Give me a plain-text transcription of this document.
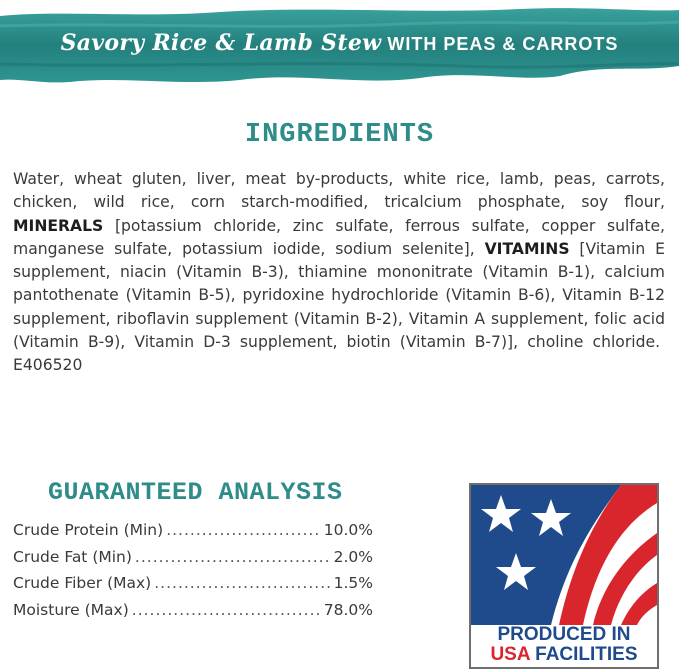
Savory Rice & Lamb Stew WITH PEAS & CARROTS
INGREDIENTS
Water, wheat gluten, liver, meat by-products, white rice, lamb, peas, carrots, chicken, wild rice, corn starch-modified, tricalcium phosphate, soy flour, MINERALS [potassium chloride, zinc sulfate, ferrous sulfate, copper sulfate, manganese sulfate, potassium iodide, sodium selenite], VITAMINS [Vitamin E supplement, niacin (Vitamin B-3), thiamine mononitrate (Vitamin B-1), calcium pantothenate (Vitamin B-5), pyridoxine hydrochloride (Vitamin B-6), Vitamin B-12 supplement, riboflavin supplement (Vitamin B-2), Vitamin A supplement, folic acid (Vitamin B-9), Vitamin D-3 supplement, biotin (Vitamin B-7)], choline chloride.  E406520
GUARANTEED ANALYSIS
Crude Protein (Min) .....	10.0%
Crude Fat (Min) .....	2.0%
Crude Fiber (Max) .....	1.5%
Moisture (Max) .....	78.0%
PRODUCED IN
USA FACILITIES
